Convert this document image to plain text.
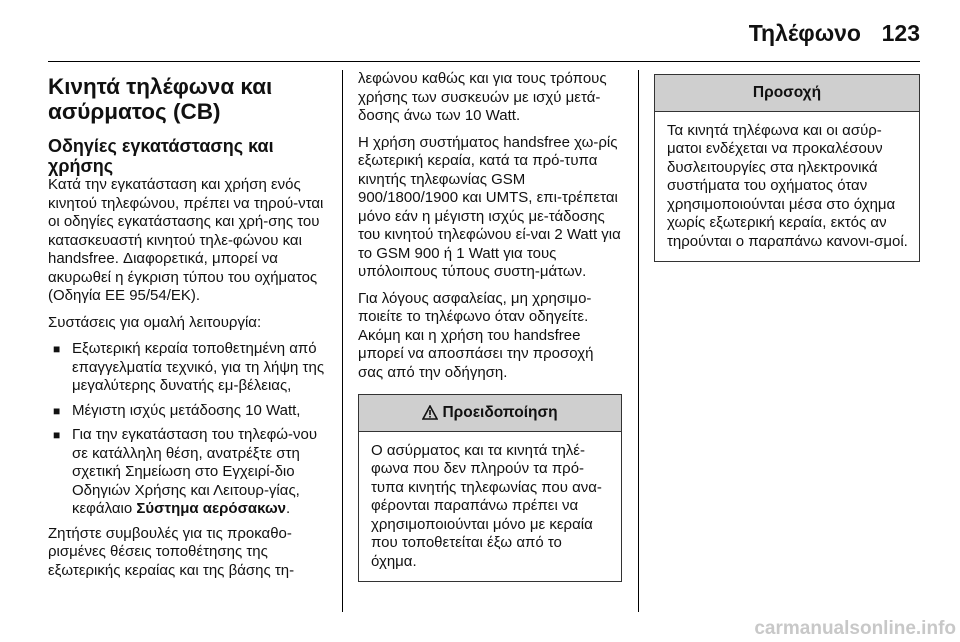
Τηλέφωνο 123
Κινητά τηλέφωνα και ασύρματος (CB)
Οδηγίες εγκατάστασης και χρήσης

Κατά την εγκατάσταση και χρήση ενός κινητού τηλεφώνου, πρέπει να τηρού-νται οι οδηγίες εγκατάστασης και χρή-σης του κατασκευαστή κινητού τηλε-φώνου και handsfree. Διαφορετικά, μπορεί να ακυρωθεί η έγκριση τύπου του οχήματος (Οδηγία ΕΕ 95/54/ΕΚ).

Συστάσεις για ομαλή λειτουργία:

■ Εξωτερική κεραία τοποθετημένη από επαγγελματία τεχνικό, για τη λήψη της μεγαλύτερης δυνατής εμ-βέλειας,
■ Μέγιστη ισχύς μετάδοσης 10 Watt,
■ Για την εγκατάσταση του τηλεφώ-νου σε κατάλληλη θέση, ανατρέξτε στη σχετική Σημείωση στο Εγχειρί-διο Οδηγιών Χρήσης και Λειτουρ-γίας, κεφάλαιο Σύστημα αερόσακων.

Ζητήστε συμβουλές για τις προκαθο-ρισμένες θέσεις τοποθέτησης της εξωτερικής κεραίας και της βάσης τη-

λεφώνου καθώς και για τους τρόπους χρήσης των συσκευών με ισχύ μετά-δοσης άνω των 10 Watt.

Η χρήση συστήματος handsfree χω-ρίς εξωτερική κεραία, κατά τα πρό-τυπα κινητής τηλεφωνίας GSM 900/1800/1900 και UMTS, επι-τρέπεται μόνο εάν η μέγιστη ισχύς με-τάδοσης του κινητού τηλεφώνου εί-ναι 2 Watt για το GSM 900 ή 1 Watt για τους υπόλοιπους τύπους συστη-μάτων.

Για λόγους ασφαλείας, μη χρησιμο-ποιείτε το τηλέφωνο όταν οδηγείτε. Ακόμη και η χρήση του handsfree μπορεί να αποσπάσει την προσοχή σας από την οδήγηση.

Προειδοποίηση
Ο ασύρματος και τα κινητά τηλέ-φωνα που δεν πληρούν τα πρό-τυπα κινητής τηλεφωνίας που ανα-φέρονται παραπάνω πρέπει να χρησιμοποιούνται μόνο με κεραία που τοποθετείται έξω από το όχημα.
Προσοχή
Τα κινητά τηλέφωνα και οι ασύρ-ματοι ενδέχεται να προκαλέσουν δυσλειτουργίες στα ηλεκτρονικά συστήματα του οχήματος όταν χρησιμοποιούνται μέσα στο όχημα χωρίς εξωτερική κεραία, εκτός αν τηρούνται ο παραπάνω κανονι-σμοί.
carmanualsonline.info
